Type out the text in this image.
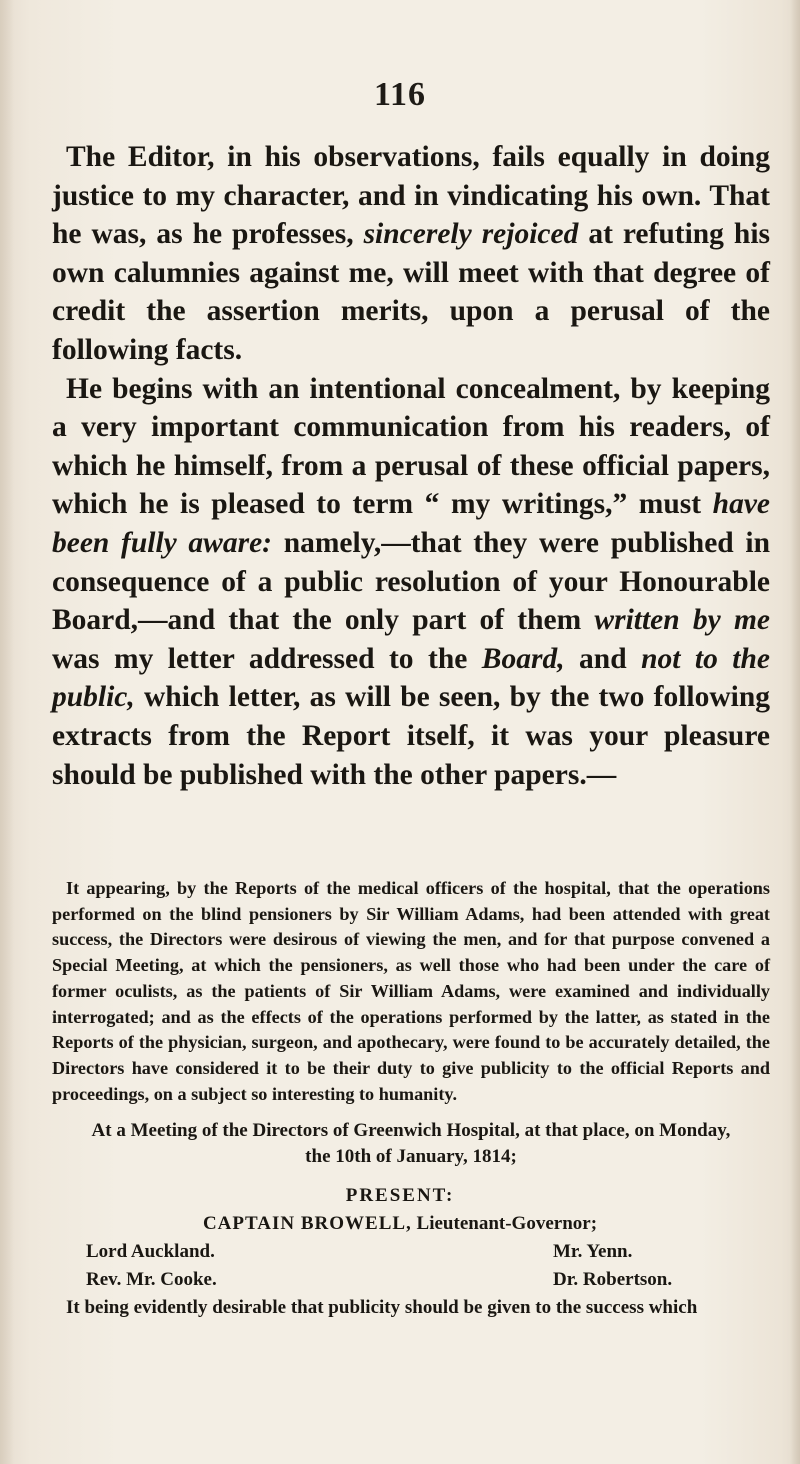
116

The Editor, in his observations, fails equally in doing justice to my character, and in vindicating his own. That he was, as he professes, sincerely rejoiced at refuting his own calumnies against me, will meet with that degree of credit the assertion merits, upon a perusal of the following facts.

He begins with an intentional concealment, by keeping a very important communication from his readers, of which he himself, from a perusal of these official papers, which he is pleased to term “ my writings,” must have been fully aware: namely,—that they were published in consequence of a public resolution of your Honourable Board,—and that the only part of them written by me was my letter addressed to the Board, and not to the public, which letter, as will be seen, by the two following extracts from the Report itself, it was your pleasure should be published with the other papers.—

It appearing, by the Reports of the medical officers of the hospital, that the operations performed on the blind pensioners by Sir William Adams, had been attended with great success, the Directors were desirous of viewing the men, and for that purpose convened a Special Meeting, at which the pensioners, as well those who had been under the care of former oculists, as the patients of Sir William Adams, were examined and individually interrogated; and as the effects of the operations performed by the latter, as stated in the Reports of the physician, surgeon, and apothecary, were found to be accurately detailed, the Directors have considered it to be their duty to give publicity to the official Reports and proceedings, on a subject so interesting to humanity.

At a Meeting of the Directors of Greenwich Hospital, at that place, on Monday,
the 10th of January, 1814;
PRESENT:
CAPTAIN BROWELL, Lieutenant-Governor;
Lord Auckland.	Mr. Yenn.
Rev. Mr. Cooke.	Dr. Robertson.
It being evidently desirable that publicity should be given to the success which
